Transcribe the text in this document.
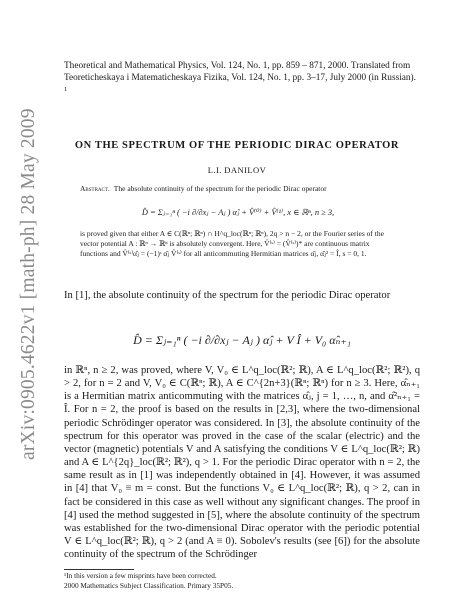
arXiv:0905.4622v1 [math-ph] 28 May 2009

Theoretical and Mathematical Physics, Vol. 124, No. 1, pp. 859 – 871, 2000. Translated from Teoreticheskaya i Matematicheskaya Fizika, Vol. 124, No. 1, pp. 3–17, July 2000 (in Russian). $^1$

ON THE SPECTRUM OF THE PERIODIC DIRAC OPERATOR

L.I. DANILOV

Abstract. The absolute continuity of the spectrum for the periodic Dirac operator

D̂ = Σⱼ₌₁ⁿ ( −i ∂/∂xⱼ − Aⱼ ) α̂ⱼ + V̂⁽⁰⁾ + V̂⁽¹⁾, x ∈ ℝⁿ, n ≥ 3,

is proved given that either A ∈ C(ℝⁿ; ℝⁿ) ∩ H^q_loc(ℝⁿ; ℝⁿ), 2q > n − 2, or the Fourier series of the vector potential A : ℝⁿ → ℝⁿ is absolutely convergent. Here, V̂⁽ˢ⁾ = (V̂⁽ˢ⁾)* are continuous matrix functions and V̂⁽ˢ⁾α̂ⱼ = (−1)ˢ α̂ⱼ V̂⁽ˢ⁾ for all anticommuting Hermitian matrices α̂ⱼ, α̂ⱼ² = Î, s = 0, 1.

In [1], the absolute continuity of the spectrum for the periodic Dirac operator

D̂ = Σⱼ₌₁ⁿ ( −i ∂/∂xⱼ − Aⱼ ) α̂ⱼ + V Î + V₀ α̂ₙ₊₁

in ℝⁿ, n ≥ 2, was proved, where V, V₀ ∈ L^q_loc(ℝ²; ℝ), A ∈ L^q_loc(ℝ²; ℝ²), q > 2, for n = 2 and V, V₀ ∈ C(ℝⁿ; ℝ), A ∈ C^{2n+3}(ℝⁿ; ℝⁿ) for n ≥ 3. Here, α̂ₙ₊₁ is a Hermitian matrix anticommuting with the matrices α̂ⱼ, j = 1, …, n, and α̂²ₙ₊₁ = Î. For n = 2, the proof is based on the results in [2,3], where the two-dimensional periodic Schrödinger operator was considered. In [3], the absolute continuity of the spectrum for this operator was proved in the case of the scalar (electric) and the vector (magnetic) potentials V and A satisfying the conditions V ∈ L^q_loc(ℝ²; ℝ) and A ∈ L^{2q}_loc(ℝ²; ℝ²), q > 1. For the periodic Dirac operator with n = 2, the same result as in [1] was independently obtained in [4]. However, it was assumed in [4] that V₀ ≡ m = const. But the functions V₀ ∈ L^q_loc(ℝ²; ℝ), q > 2, can in fact be considered in this case as well without any significant changes. The proof in [4] used the method suggested in [5], where the absolute continuity of the spectrum was established for the two-dimensional Dirac operator with the periodic potential V ∈ L^q_loc(ℝ²; ℝ), q > 2 (and A ≡ 0). Sobolev's results (see [6]) for the absolute continuity of the spectrum of the Schrödinger

¹In this version a few misprints have been corrected.

2000 Mathematics Subject Classification. Primary 35P05.
